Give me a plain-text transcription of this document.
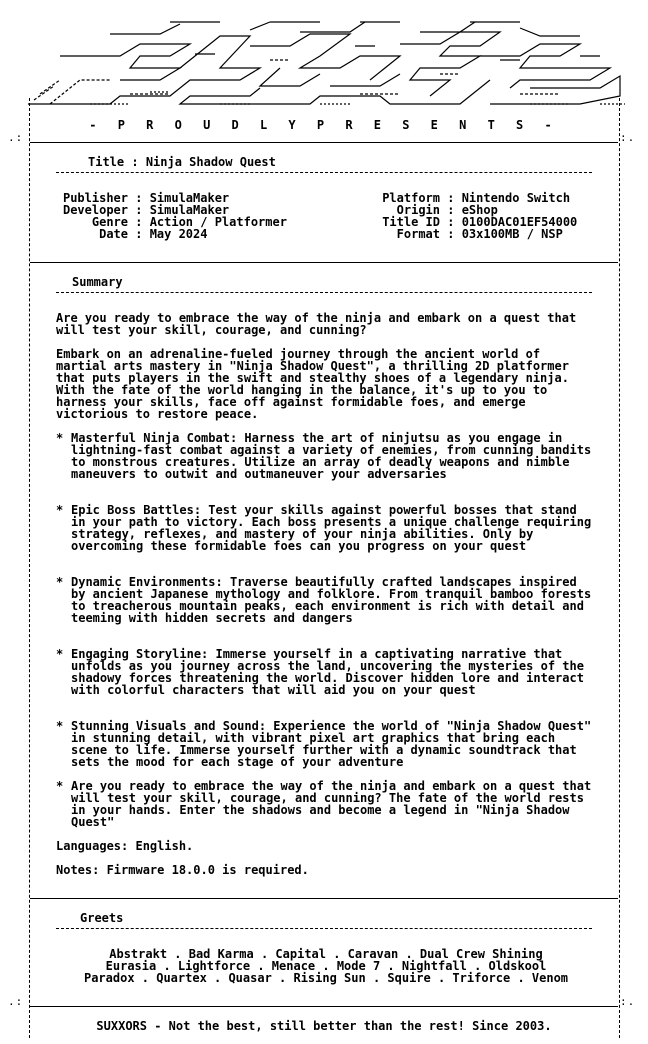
.:	:.
.:	:.
- P R O U D L Y P R E S E N T S -
Title : Ninja Shadow Quest
Publisher : SimulaMaker
Developer : SimulaMaker
Genre : Action / Platformer
Date : May 2024
Platform : Nintendo Switch
Origin : eShop
Title ID : 0100DAC01EF54000
Format : 03x100MB / NSP
Summary
Are you ready to embrace the way of the ninja and embark on a quest that will test your skill, courage, and cunning?
Embark on an adrenaline-fueled journey through the ancient world of martial arts mastery in "Ninja Shadow Quest", a thrilling 2D platformer that puts players in the swift and stealthy shoes of a legendary ninja. With the fate of the world hanging in the balance, it's up to you to harness your skills, face off against formidable foes, and emerge victorious to restore peace.
* Masterful Ninja Combat: Harness the art of ninjutsu as you engage in lightning-fast combat against a variety of enemies, from cunning bandits to monstrous creatures. Utilize an array of deadly weapons and nimble maneuvers to outwit and outmaneuver your adversaries
* Epic Boss Battles: Test your skills against powerful bosses that stand in your path to victory. Each boss presents a unique challenge requiring strategy, reflexes, and mastery of your ninja abilities. Only by overcoming these formidable foes can you progress on your quest
* Dynamic Environments: Traverse beautifully crafted landscapes inspired by ancient Japanese mythology and folklore. From tranquil bamboo forests to treacherous mountain peaks, each environment is rich with detail and teeming with hidden secrets and dangers
* Engaging Storyline: Immerse yourself in a captivating narrative that unfolds as you journey across the land, uncovering the mysteries of the shadowy forces threatening the world. Discover hidden lore and interact with colorful characters that will aid you on your quest
* Stunning Visuals and Sound: Experience the world of "Ninja Shadow Quest" in stunning detail, with vibrant pixel art graphics that bring each scene to life. Immerse yourself further with a dynamic soundtrack that sets the mood for each stage of your adventure
* Are you ready to embrace the way of the ninja and embark on a quest that will test your skill, courage, and cunning? The fate of the world rests in your hands. Enter the shadows and become a legend in "Ninja Shadow Quest"
Languages: English.
Notes: Firmware 18.0.0 is required.
Greets
Abstrakt . Bad Karma . Capital . Caravan . Dual Crew Shining
Eurasia . Lightforce . Menace . Mode 7 . Nightfall . Oldskool
Paradox . Quartex . Quasar . Rising Sun . Squire . Triforce . Venom
SUXXORS - Not the best, still better than the rest! Since 2003.
